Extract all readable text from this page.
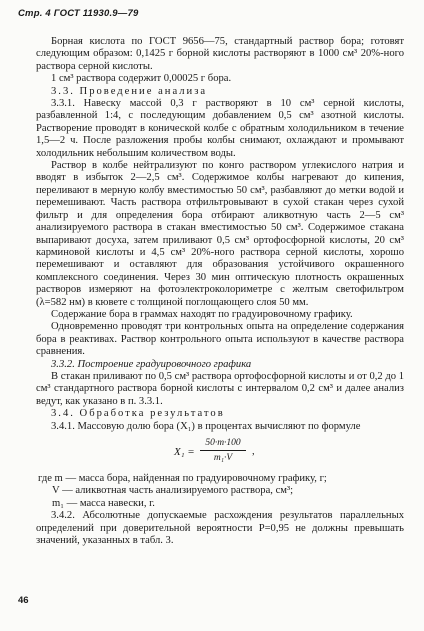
Стр. 4 ГОСТ 11930.9—79

Борная кислота по ГОСТ 9656—75, стандартный раствор бора; готовят следующим образом: 0,1425 г борной кислоты растворяют в 1000 см³ 20%-ного раствора серной кислоты.

1 см³ раствора содержит 0,00025 г бора.

3.3. Проведение анализа

3.3.1. Навеску массой 0,3 г растворяют в 10 см³ серной кислоты, разбавленной 1:4, с последующим добавлением 0,5 см³ азотной кислоты. Растворение проводят в конической колбе с обратным холодильником в течение 1,5—2 ч. После разложения пробы колбы снимают, охлаждают и промывают холодильник небольшим количеством воды.

Раствор в колбе нейтрализуют по конго раствором углекислого натрия и вводят в избыток 2—2,5 см³. Содержимое колбы нагревают до кипения, переливают в мерную колбу вместимостью 50 см³, разбавляют до метки водой и перемешивают. Часть раствора отфильтровывают в сухой стакан через сухой фильтр и для определения бора отбирают аликвотную часть 2—5 см³ анализируемого раствора в стакан вместимостью 50 см³. Содержимое стакана выпаривают досуха, затем приливают 0,5 см³ ортофосфорной кислоты, 20 см³ карминовой кислоты и 4,5 см³ 20%-ного раствора серной кислоты, хорошо перемешивают и оставляют для образования устойчивого окрашенного комплексного соединения. Через 30 мин оптическую плотность окрашенных растворов измеряют на фотоэлектроколориметре с желтым светофильтром (λ=582 нм) в кювете с толщиной поглощающего слоя 50 мм.

Содержание бора в граммах находят по градуировочному графику.

Одновременно проводят три контрольных опыта на определение содержания бора в реактивах. Раствор контрольного опыта используют в качестве раствора сравнения.

3.3.2. Построение градуировочного графика

В стакан приливают по 0,5 см³ раствора ортофосфорной кислоты и от 0,2 до 1 см³ стандартного раствора борной кислоты с интервалом 0,2 см³ и далее анализ ведут, как указано в п. 3.3.1.

3.4. Обработка результатов

3.4.1. Массовую долю бора (X₁) в процентах вычисляют по формуле

$X_1 = \frac{50\cdot m\cdot 100}{\text{m₁·V}}$ ,

где m — масса бора, найденная по градуировочному графику, г;

V — аликвотная часть анализируемого раствора, см³;

m₁ — масса навески, г.

3.4.2. Абсолютные допускаемые расхождения результатов параллельных определений при доверительной вероятности P=0,95 не должны превышать значений, указанных в табл. 3.

46
